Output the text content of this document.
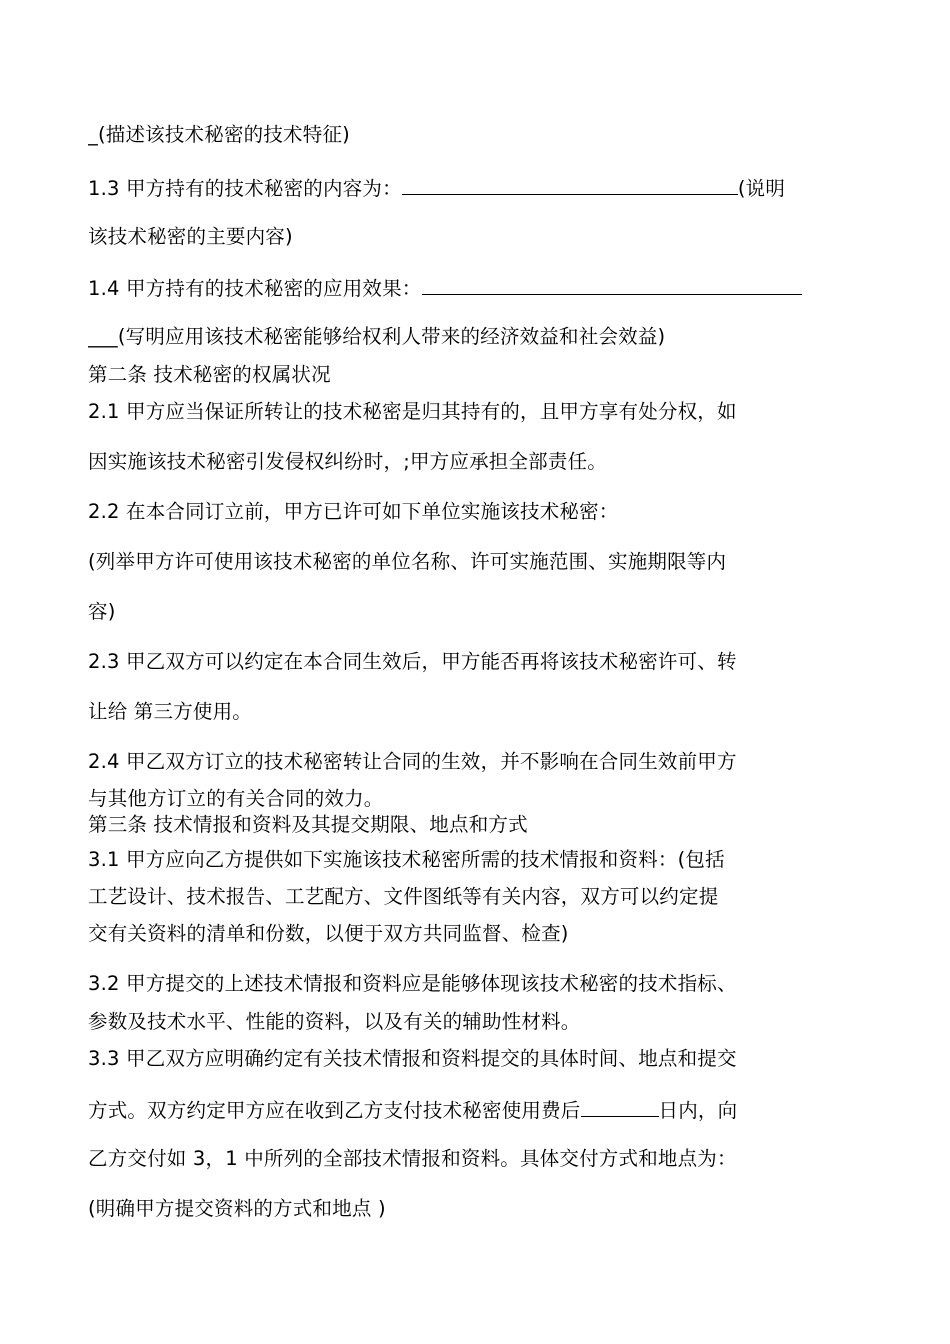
_(描述该技术秘密的技术特征)
1.3 甲方持有的技术秘密的内容为：	(说明
该技术秘密的主要内容)
1.4 甲方持有的技术秘密的应用效果：
___(写明应用该技术秘密能够给权利人带来的经济效益和社会效益)
第二条 技术秘密的权属状况
2.1 甲方应当保证所转让的技术秘密是归其持有的，且甲方享有处分权，如
因实施该技术秘密引发侵权纠纷时，;甲方应承担全部责任。
2.2 在本合同订立前，甲方已许可如下单位实施该技术秘密：
(列举甲方许可使用该技术秘密的单位名称、许可实施范围、实施期限等内
容)
2.3 甲乙双方可以约定在本合同生效后，甲方能否再将该技术秘密许可、转
让给 第三方使用。
2.4 甲乙双方订立的技术秘密转让合同的生效，并不影响在合同生效前甲方
与其他方订立的有关合同的效力。
第三条 技术情报和资料及其提交期限、地点和方式
3.1 甲方应向乙方提供如下实施该技术秘密所需的技术情报和资料：(包括
工艺设计、技术报告、工艺配方、文件图纸等有关内容，双方可以约定提
交有关资料的清单和份数，以便于双方共同监督、检查)
3.2 甲方提交的上述技术情报和资料应是能够体现该技术秘密的技术指标、
参数及技术水平、性能的资料，以及有关的辅助性材料。
3.3 甲乙双方应明确约定有关技术情报和资料提交的具体时间、地点和提交
方式。双方约定甲方应在收到乙方支付技术秘密使用费后	日内，向
乙方交付如 3，1 中所列的全部技术情报和资料。具体交付方式和地点为：
(明确甲方提交资料的方式和地点 )
